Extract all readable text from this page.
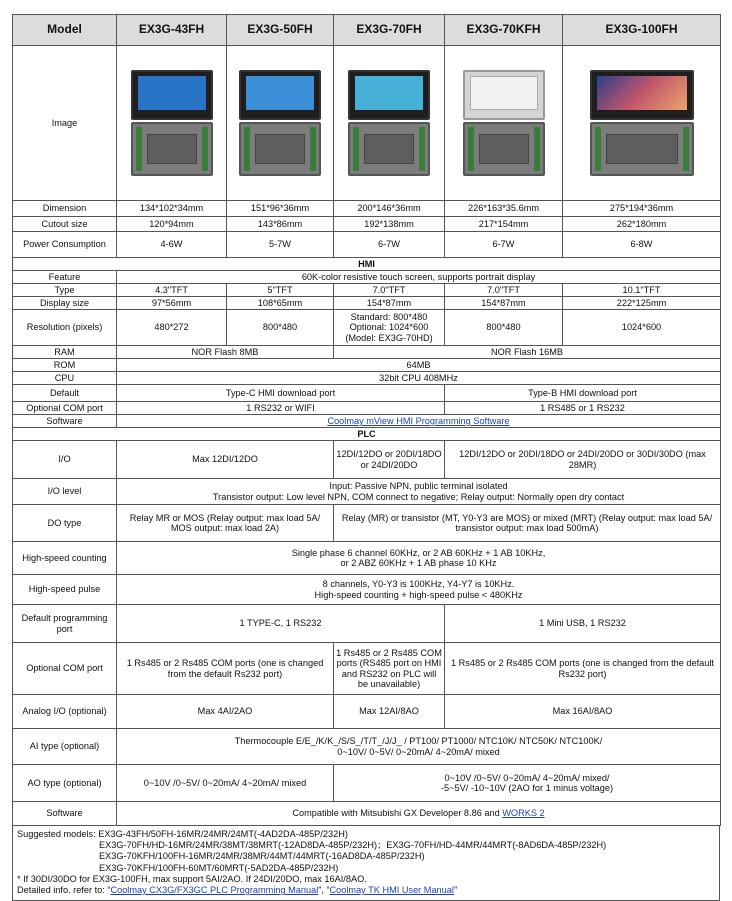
Model	EX3G-43FH	EX3G-50FH	EX3G-70FH	EX3G-70KFH	EX3G-100FH
Image	

Dimension	134*102*34mm	151*96*36mm	200*146*36mm	226*163*35.6mm	275*194*36mm
Cutout size	120*94mm	143*86mm	192*138mm	217*154mm	262*180mm
Power Consumption	4-6W	5-7W	6-7W	6-7W	6-8W
HMI					
Feature	60K-color resistive touch screen, supports portrait display				
Type	4.3"TFT	5"TFT	7.0"TFT	7.0"TFT	10.1"TFT
Display size	97*56mm	108*65mm	154*87mm	154*87mm	222*125mm
Resolution (pixels)	480*272	800*480	Standard: 800*480 Optional: 1024*600 (Model: EX3G-70HD)	800*480	1024*600
RAM	NOR Flash 8MB		NOR Flash 16MB		
ROM	64MB				
CPU	32bit CPU 408MHz				
Default	Type-C HMI download port			Type-B HMI download port	
Optional COM port	1 RS232 or WIFI			1 RS485 or 1 RS232	
Software	Coolmay mView HMI Programming Software				
PLC					
I/O	Max 12DI/12DO		12DI/12DO or 20DI/18DO or 24DI/20DO	12DI/12DO or 20DI/18DO or 24DI/20DO or 30DI/30DO (max 28MR)	
I/O level	Input: Passive NPN, public terminal isolated
Transistor output: Low level NPN, COM connect to negative; Relay output: Normally open dry contact				

DO type	Relay MR or MOS (Relay output: max load 5A/ MOS output: max load 2A)		Relay (MR) or transistor (MT, Y0-Y3 are MOS) or mixed (MRT) (Relay output: max load 5A/ transistor output: max load 500mA)		
High-speed counting	Single phase 6 channel 60KHz, or 2 AB 60KHz + 1 AB 10KHz,
or 2 ABZ 60KHz + 1 AB phase 10 KHz				

High-speed pulse	8 channels, Y0-Y3 is 100KHz, Y4-Y7 is 10KHz.
High-speed counting + high-speed pulse < 480KHz				

Default programming port	1 TYPE-C, 1 RS232			1 Mini USB, 1 RS232	
Optional COM port	1 Rs485 or 2 Rs485 COM ports (one is changed from the default Rs232 port)		1 Rs485 or 2 Rs485 COM ports (RS485 port on HMI and RS232 on PLC will be unavailable)	1 Rs485 or 2 Rs485 COM ports (one is changed from the default Rs232 port)	
Analog I/O (optional)	Max 4AI/2AO		Max 12AI/8AO	Max 16AI/8AO	
AI type (optional)	Thermocouple E/E_/K/K_/S/S_/T/T_/J/J_ / PT100/ PT1000/ NTC10K/ NTC50K/ NTC100K/
0~10V/ 0~5V/ 0~20mA/ 4~20mA/ mixed				

AO type (optional)	0~10V /0~5V/ 0~20mA/ 4~20mA/ mixed		0~10V /0~5V/ 0~20mA/ 4~20mA/ mixed/
-5~5V/ -10~10V (2AO for 1 minus voltage)		

Software	Compatible with Mitsubishi GX Developer 8.86 and WORKS 2				
Suggested models: EX3G-43FH/50FH-16MR/24MR/24MT(-4AD2DA-485P/232H)
EX3G-70FH/HD-16MR/24MR/38MT/38MRT(-12AD8DA-485P/232H)；EX3G-70FH/HD-44MR/44MRT(-8AD6DA-485P/232H)
EX3G-70KFH/100FH-16MR/24MR/38MR/44MT/44MRT(-16AD8DA-485P/232H)
EX3G-70KFH/100FH-60MT/60MRT(-5AD2DA-485P/232H)
* If 30DI/30DO for EX3G-100FH, max support 5AI/2AO. If 24DI/20DO, max 16AI/8AO.
Detailed info. refer to: “Coolmay CX3G/FX3GC PLC Programming Manual”, “Coolmay TK HMI User Manual”
